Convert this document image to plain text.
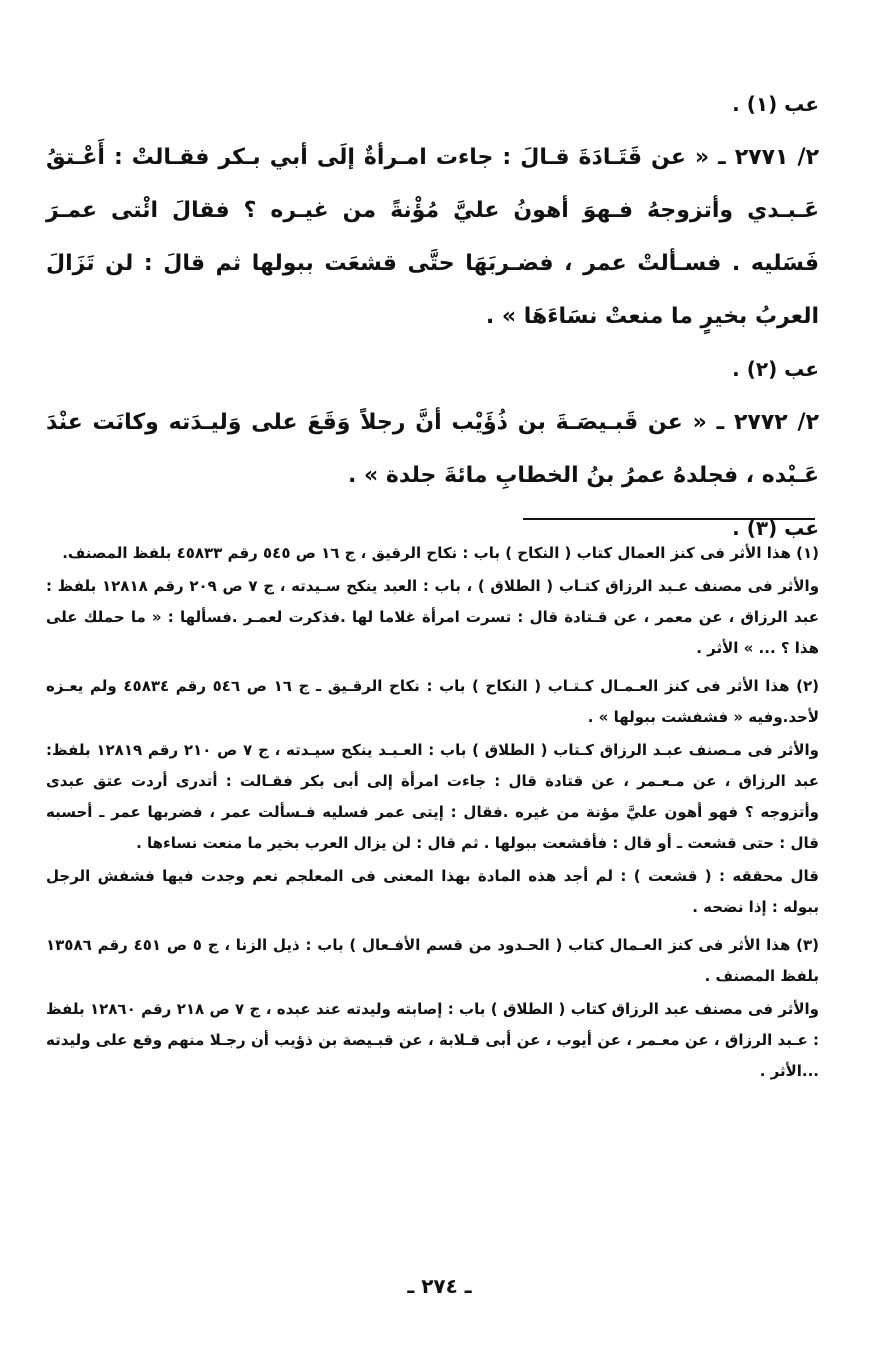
عب (١) .

٢/ ٢٧٧١ ـ « عن قَتَـادَةَ قـالَ : جاءت امـرأةٌ إلَى أبي بـكر فقـالتْ : أَعْـتقُ عَـبـدي وأتزوجهُ فـهوَ أهونُ عليَّ مُؤْنةً من غيـره ؟ فقالَ ائْتى عمـرَ فَسَليه . فسـألتْ عمر ، فضـربَهَا حتَّى قشعَت ببولها ثم قالَ : لن تَزَالَ العربُ بخيرٍ ما منعتْ نسَاءَهَا » .

عب (٢) .

٢/ ٢٧٧٢ ـ « عن قَبـيصَـةَ بن ذُؤَيْب أنَّ رجلاً وَقَعَ على وَليـدَته وكانَت عنْدَ عَـبْده ، فجلدهُ عمرُ بنُ الخطابِ مائةَ جلدة » .

عب (٣) .

(١) هذا الأثر فى كنز العمال كتاب ( النكاح ) باب : نكاح الرقيق ، ج ١٦ ص ٥٤٥ رقم ٤٥٨٣٣ بلفظ المصنف.

والأثر فى مصنف عـبد الرزاق كتـاب ( الطلاق ) ، باب : العبد ينكح سـيدته ، ج ٧ ص ٢٠٩ رقم ١٢٨١٨ بلفظ : عبد الرزاق ، عن معمر ، عن قـتادة قال : تسرت امرأة غلاما لها .فذكرت لعمـر .فسألها : « ما حملك على هذا ؟ ... » الأثر .

(٢) هذا الأثر فى كنز العـمـال كـتـاب ( النكاح ) باب : نكاح الرقـيق ـ ج ١٦ ص ٥٤٦ رقم ٤٥٨٣٤ ولم يعـزه لأحد.وفيه « فشفشت ببولها » .

والأثر فى مـصنف عبـد الرزاق كـتاب ( الطلاق ) باب : العـبـد ينكح سيـدته ، ج ٧ ص ٢١٠ رقم ١٢٨١٩ بلفظ: عبد الرزاق ، عن مـعـمر ، عن قتادة قال : جاءت امرأة إلى أبى بكر فقـالت : أتدرى أردت عتق عبدى وأتزوجه ؟ فهو أهون عليَّ مؤنة من غيره .فقال : إيتى عمر فسليه فـسألت عمر ، فضربها عمر ـ أحسبه قال : حتى قشعت ـ أو قال : فأقشعت ببولها . ثم قال : لن يزال العرب بخير ما منعت نساءها .

قال محققه : ( قشعت ) : لم أجد هذه المادة بهذا المعنى فى المعلجم نعم وجدت فيها فشفش الرجل ببوله : إذا نضحه .

(٣) هذا الأثر فى كنز العـمال كتاب ( الحـدود من قسم الأفـعال ) باب : ذيل الزنا ، ج ٥ ص ٤٥١ رقم ١٣٥٨٦ بلفظ المصنف .

والأثر فى مصنف عبد الرزاق كتاب ( الطلاق ) باب : إصابته وليدته عند عبده ، ج ٧ ص ٢١٨ رقم ١٢٨٦٠ بلفظ : عـبد الرزاق ، عن معـمر ، عن أيوب ، عن أبى قـلابة ، عن قبـيصة بن ذؤيب أن رجـلا منهم وقع على وليدته ...الأثر .

ـ ٢٧٤ ـ
